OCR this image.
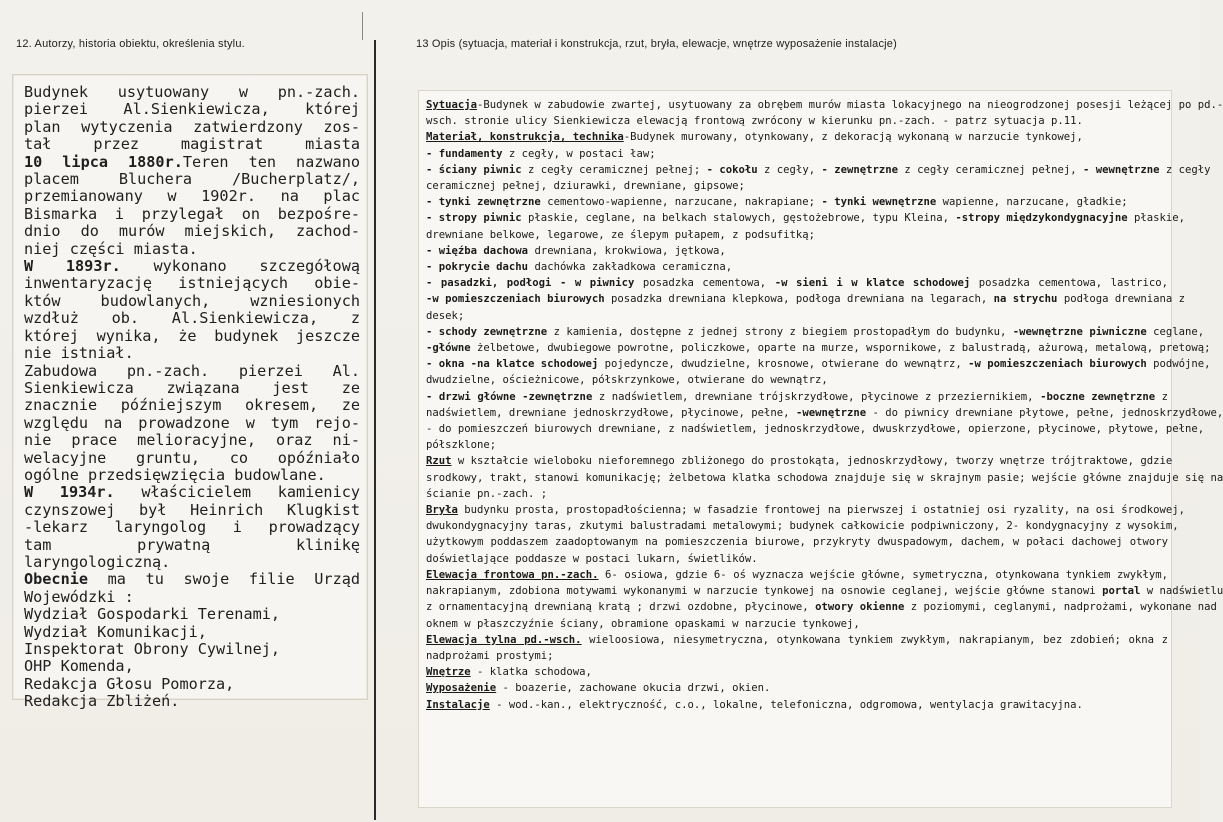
12. Autorzy, historia obiektu, określenia stylu.	13 Opis (sytuacja, materiał i konstrukcja, rzut, bryła, elewacje, wnętrze wyposażenie instalacje)
Budynek usytuowany w pn.-zach.
pierzei Al.Sienkiewicza, której
plan wytyczenia zatwierdzony zos-
tał przez magistrat miasta
10 lipca 1880r.Teren ten nazwano
placem Bluchera /Bucherplatz/,
przemianowany w 1902r. na plac
Bismarka i przylegał on bezpośre-
dnio do murów miejskich, zachod-
niej części miasta.
W 1893r. wykonano szczegółową
inwentaryzację istniejących obie-
któw budowlanych, wzniesionych
wzdłuż ob. Al.Sienkiewicza, z
której wynika, że budynek jeszcze
nie istniał.
Zabudowa pn.-zach. pierzei Al.
Sienkiewicza związana jest ze
znacznie późniejszym okresem, ze
względu na prowadzone w tym rejo-
nie prace melioracyjne, oraz ni-
welacyjne gruntu, co opóźniało
ogólne przedsięwzięcia budowlane.
W 1934r. właścicielem kamienicy
czynszowej był Heinrich Klugkist
-lekarz laryngolog i prowadzący
tam prywatną klinikę
laryngologiczną.
Obecnie ma tu swoje filie Urząd
Wojewódzki :
Wydział Gospodarki Terenami,
Wydział Komunikacji,
Inspektorat Obrony Cywilnej,
OHP Komenda,
Redakcja Głosu Pomorza,
Redakcja Zbliżeń.
Sytuacja-Budynek w zabudowie zwartej, usytuowany za obrębem murów miasta lokacyjnego na nieogrodzonej posesji leżącej po pd.-
wsch. stronie ulicy Sienkiewicza elewacją frontową zwrócony w kierunku pn.-zach. - patrz sytuacja p.11.
Materiał, konstrukcja, technika-Budynek murowany, otynkowany, z dekoracją wykonaną w narzucie tynkowej,
- fundamenty z cegły, w postaci ław;
- ściany piwnic z cegły ceramicznej pełnej; - cokołu z cegły, - zewnętrzne z cegły ceramicznej pełnej, - wewnętrzne z cegły
ceramicznej pełnej, dziurawki, drewniane, gipsowe;
- tynki zewnętrzne cementowo-wapienne, narzucane, nakrapiane; - tynki wewnętrzne wapienne, narzucane, gładkie;
- stropy piwnic płaskie, ceglane, na belkach stalowych, gęstożebrowe, typu Kleina, -stropy międzykondygnacyjne płaskie,
drewniane belkowe, legarowe, ze ślepym pułapem, z podsufitką;
- więźba dachowa drewniana, krokwiowa, jętkowa,
- pokrycie dachu dachówka zakładkowa ceramiczna,
- pasadzki, podłogi - w piwnicy posadzka cementowa, -w sieni i w klatce schodowej posadzka cementowa, lastrico,
-w pomieszczeniach biurowych posadzka drewniana klepkowa, podłoga drewniana na legarach, na strychu podłoga drewniana z
desek;
- schody zewnętrzne z kamienia, dostępne z jednej strony z biegiem prostopadłym do budynku, -wewnętrzne piwniczne ceglane,
-główne żelbetowe, dwubiegowe powrotne, policzkowe, oparte na murze, wspornikowe, z balustradą, ażurową, metalową, pretową;
- okna -na klatce schodowej pojedyncze, dwudzielne, krosnowe, otwierane do wewnątrz, -w pomieszczeniach biurowych podwójne,
dwudzielne, ościeżnicowe, półskrzynkowe, otwierane do wewnątrz,
- drzwi główne -zewnętrzne z nadświetlem, drewniane trójskrzydłowe, płycinowe z przeziernikiem, -boczne zewnętrzne z
nadświetlem, drewniane jednoskrzydłowe, płycinowe, pełne, -wewnętrzne - do piwnicy drewniane płytowe, pełne, jednoskrzydłowe,
- do pomieszczeń biurowych drewniane, z nadświetlem, jednoskrzydłowe, dwuskrzydłowe, opierzone, płycinowe, płytowe, pełne,
półszklone;
Rzut w kształcie wieloboku nieforemnego zbliżonego do prostokąta, jednoskrzydłowy, tworzy wnętrze trójtraktowe, gdzie
srodkowy, trakt, stanowi komunikację; żelbetowa klatka schodowa znajduje się w skrajnym pasie; wejście główne znajduje się na
ścianie pn.-zach. ;
Bryła budynku prosta, prostopadłościenna; w fasadzie frontowej na pierwszej i ostatniej osi ryzality, na osi środkowej,
dwukondygnacyjny taras, zkutymi balustradami metalowymi; budynek całkowicie podpiwniczony, 2- kondygnacyjny z wysokim,
użytkowym poddaszem zaadoptowanym na pomieszczenia biurowe, przykryty dwuspadowym, dachem, w połaci dachowej otwory
doświetlające poddasze w postaci lukarn, świetlików.
Elewacja frontowa pn.-zach. 6- osiowa, gdzie 6- oś wyznacza wejście główne, symetryczna, otynkowana tynkiem zwykłym,
nakrapianym, zdobiona motywami wykonanymi w narzucie tynkowej na osnowie ceglanej, wejście główne stanowi portal w nadświetlu
z ornamentacyjną drewnianą kratą ; drzwi ozdobne, płycinowe, otwory okienne z poziomymi, ceglanymi, nadprożami, wykonane nad
oknem w płaszczyźnie ściany, obramione opaskami w narzucie tynkowej,
Elewacja tylna pd.-wsch. wieloosiowa, niesymetryczna, otynkowana tynkiem zwykłym, nakrapianym, bez zdobień; okna z
nadprożami prostymi;
Wnętrze - klatka schodowa,
Wyposażenie - boazerie, zachowane okucia drzwi, okien.
Instalacje - wod.-kan., elektryczność, c.o., lokalne, telefoniczna, odgromowa, wentylacja grawitacyjna.
